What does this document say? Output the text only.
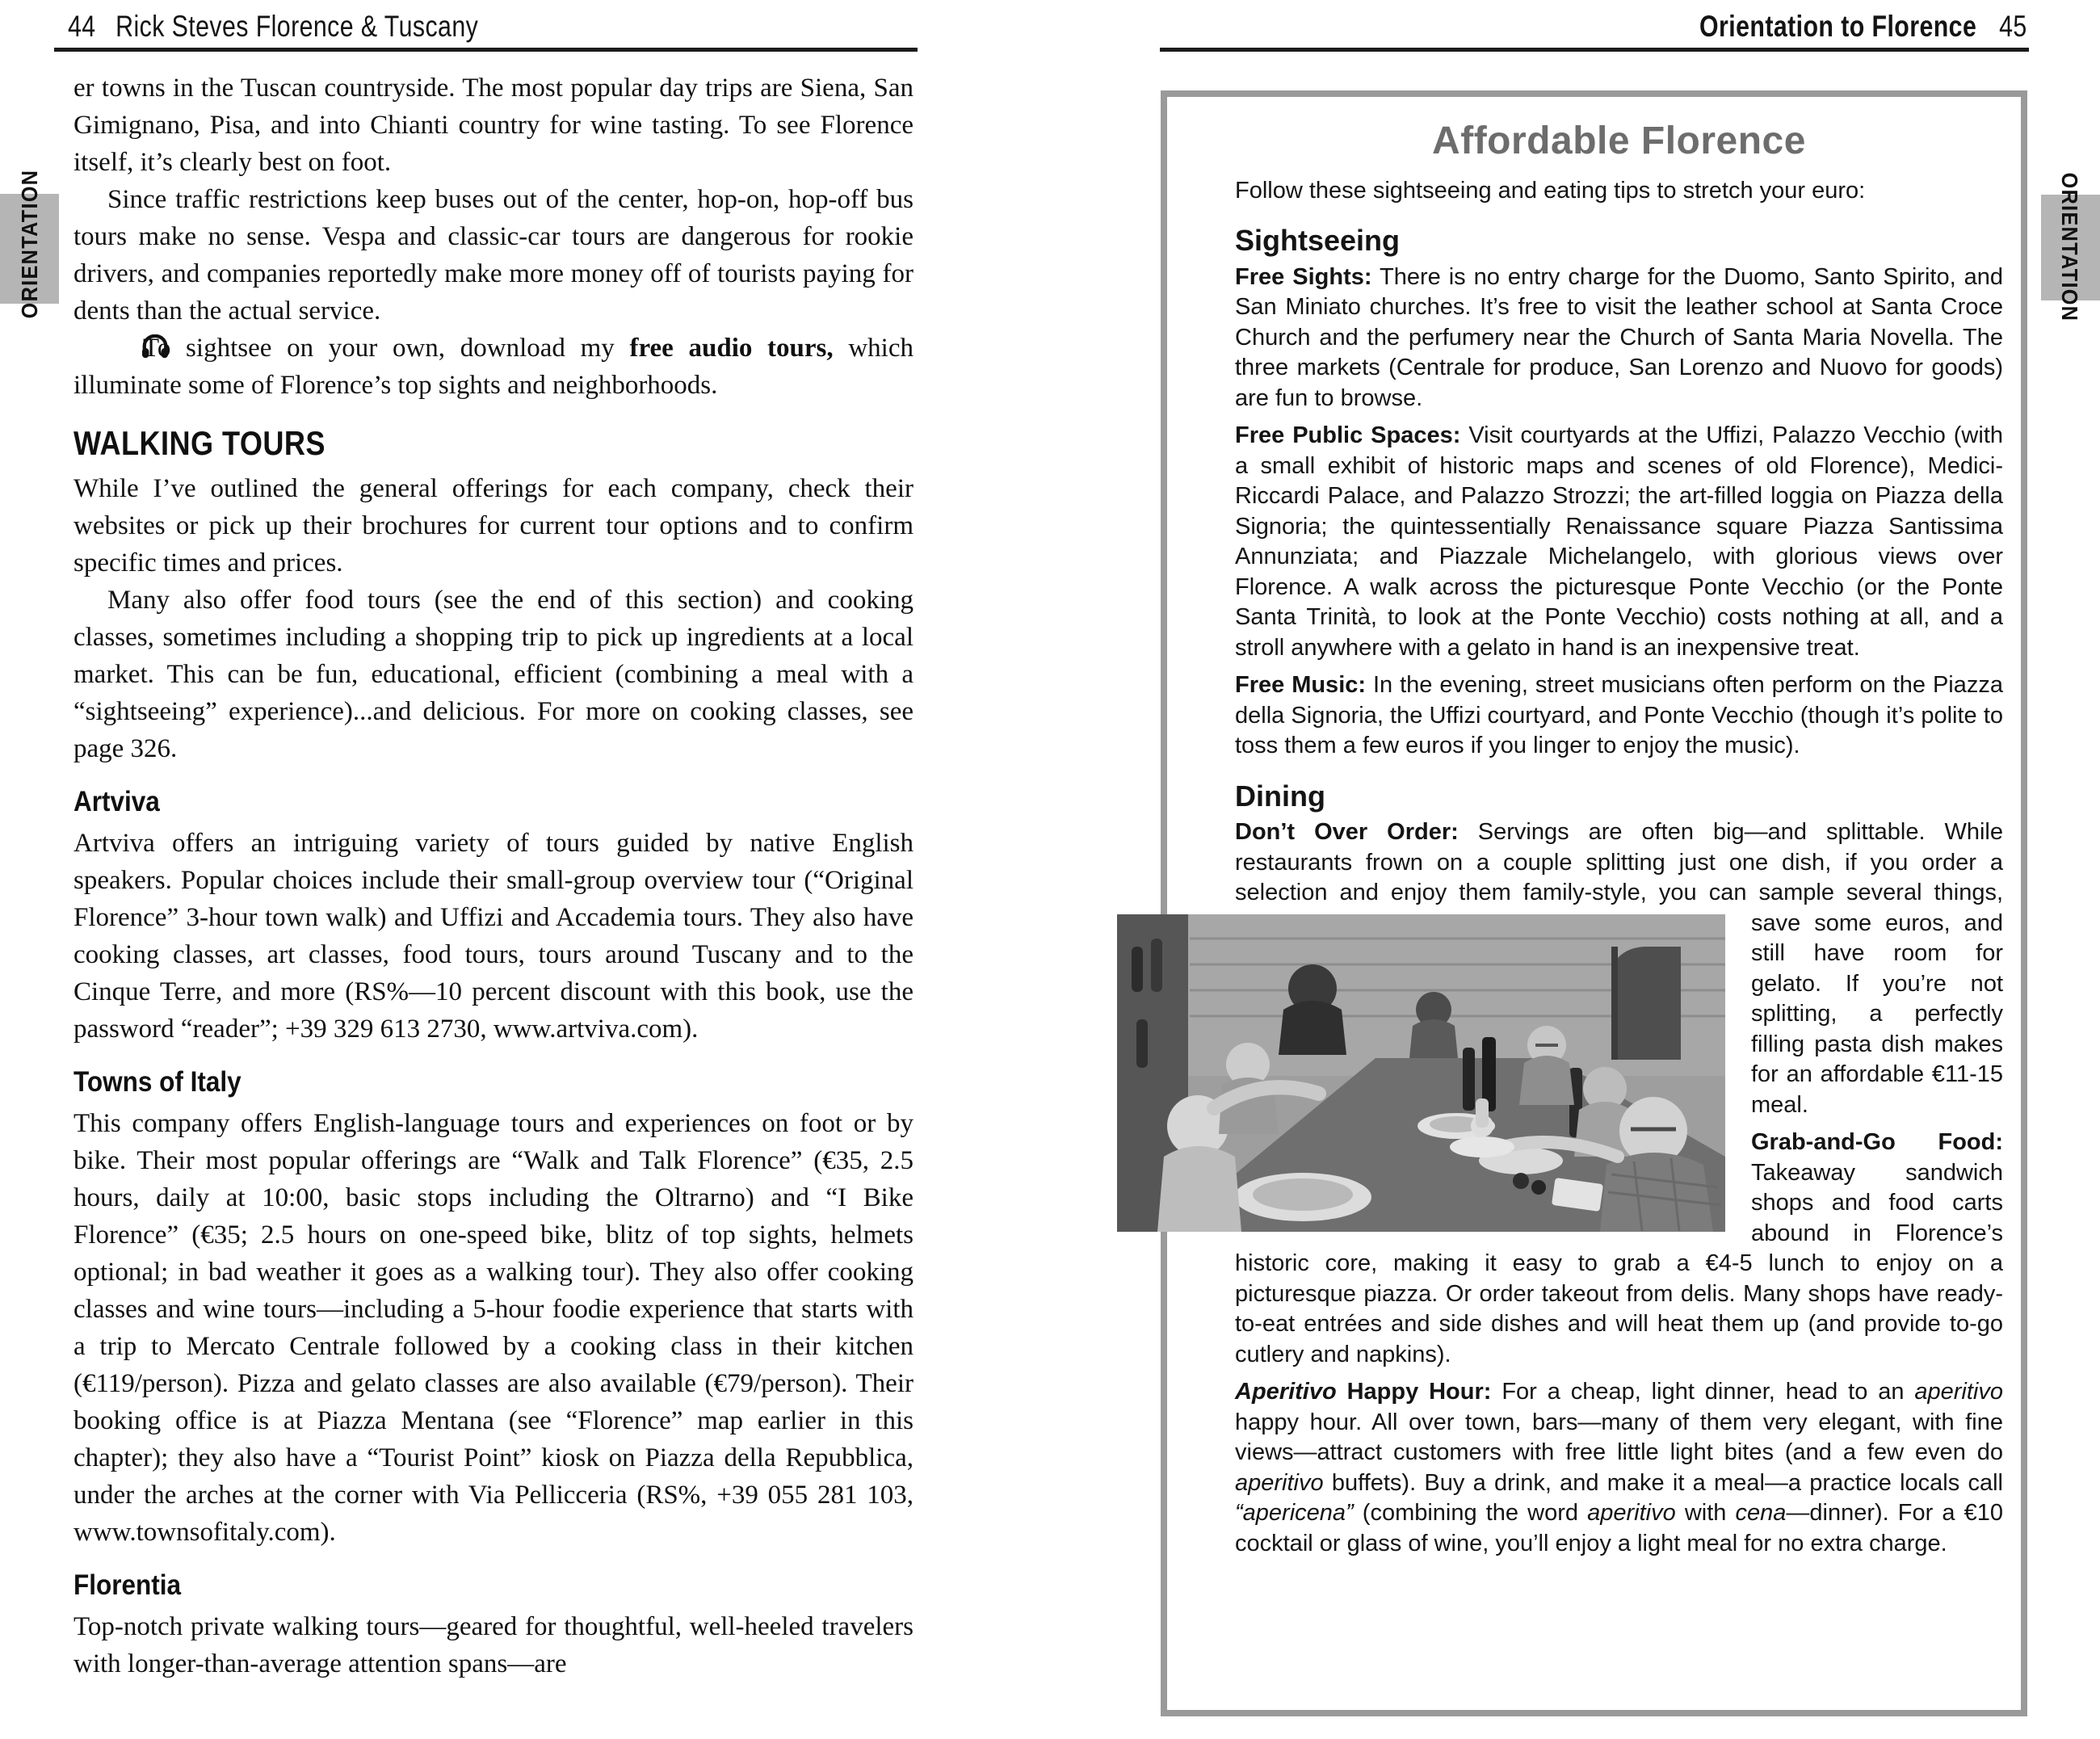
44 Rick Steves Florence & Tuscany
ORIENTATION

er towns in the Tuscan countryside. The most popular day trips are Siena, San Gimignano, Pisa, and into Chianti country for wine tasting. To see Florence itself, it’s clearly best on foot.

Since traffic restrictions keep buses out of the center, hop-on, hop-off bus tours make no sense. Vespa and classic-car tours are dangerous for rookie drivers, and companies reportedly make more money off of tourists paying for dents than the actual service.

To sightsee on your own, download my free audio tours, which illuminate some of Florence’s top sights and neighborhoods.

WALKING TOURS

While I’ve outlined the general offerings for each company, check their websites or pick up their brochures for current tour options and to confirm specific times and prices.

Many also offer food tours (see the end of this section) and cooking classes, sometimes including a shopping trip to pick up ingredients at a local market. This can be fun, educational, efficient (combining a meal with a “sightseeing” experience)...and delicious. For more on cooking classes, see page 326.

Artviva

Artviva offers an intriguing variety of tours guided by native English speakers. Popular choices include their small-group overview tour (“Original Florence” 3-hour town walk) and Uffizi and Accademia tours. They also have cooking classes, art classes, food tours, tours around Tuscany and to the Cinque Terre, and more (RS%—10 percent discount with this book, use the password “reader”; +39 329 613 2730, www.artviva.com).

Towns of Italy

This company offers English-language tours and experiences on foot or by bike. Their most popular offerings are “Walk and Talk Florence” (€35, 2.5 hours, daily at 10:00, basic stops including the Oltrarno) and “I Bike Florence” (€35; 2.5 hours on one-speed bike, blitz of top sights, helmets optional; in bad weather it goes as a walking tour). They also offer cooking classes and wine tours—including a 5-hour foodie experience that starts with a trip to Mercato Centrale followed by a cooking class in their kitchen (€119/person). Pizza and gelato classes are also available (€79/person). Their booking office is at Piazza Mentana (see “Florence” map earlier in this chapter); they also have a “Tourist Point” kiosk on Piazza della Repubblica, under the arches at the corner with Via Pellicceria (RS%, +39 055 281 103, www.townsofitaly.com).

Florentia

Top-notch private walking tours—geared for thoughtful, well-heeled travelers with longer-than-average attention spans—are

Orientation to Florence 45
ORIENTATION
Affordable Florence

Follow these sightseeing and eating tips to stretch your euro:

Sightseeing

Free Sights: There is no entry charge for the Duomo, Santo Spirito, and San Miniato churches. It’s free to visit the leather school at Santa Croce Church and the perfumery near the Church of Santa Maria Novella. The three markets (Centrale for produce, San Lorenzo and Nuovo for goods) are fun to browse.

Free Public Spaces: Visit courtyards at the Uffizi, Palazzo Vecchio (with a small exhibit of historic maps and scenes of old Florence), Medici-Riccardi Palace, and Palazzo Strozzi; the art-filled loggia on Piazza della Signoria; the quintessentially Renaissance square Piazza Santissima Annunziata; and Piazzale Michelangelo, with glorious views over Florence. A walk across the picturesque Ponte Vecchio (or the Ponte Santa Trinità, to look at the Ponte Vecchio) costs nothing at all, and a stroll anywhere with a gelato in hand is an inexpensive treat.

Free Music: In the evening, street musicians often perform on the Piazza della Signoria, the Uffizi courtyard, and Ponte Vecchio (though it’s polite to toss them a few euros if you linger to enjoy the music).

Dining

Don’t Over Order: Servings are often big—and splittable. While restaurants frown on a couple splitting just one dish, if you order a selection and enjoy them family-style, you can sample several things, save some euros, and still have room for gelato. If you’re not splitting, a perfectly filling pasta dish makes for an affordable €11-15 meal.

Grab-and-Go Food: Takeaway sandwich shops and food carts abound in Florence’s historic core, making it easy to grab a €4-5 lunch to enjoy on a picturesque piazza. Or order takeout from delis. Many shops have ready-to-eat entrées and side dishes and will heat them up (and provide to-go cutlery and napkins).

Aperitivo Happy Hour: For a cheap, light dinner, head to an aperitivo happy hour. All over town, bars—many of them very elegant, with fine views—attract customers with free little light bites (and a few even do aperitivo buffets). Buy a drink, and make it a meal—a practice locals call “apericena” (combining the word aperitivo with cena—dinner). For a €10 cocktail or glass of wine, you’ll enjoy a light meal for no extra charge.
